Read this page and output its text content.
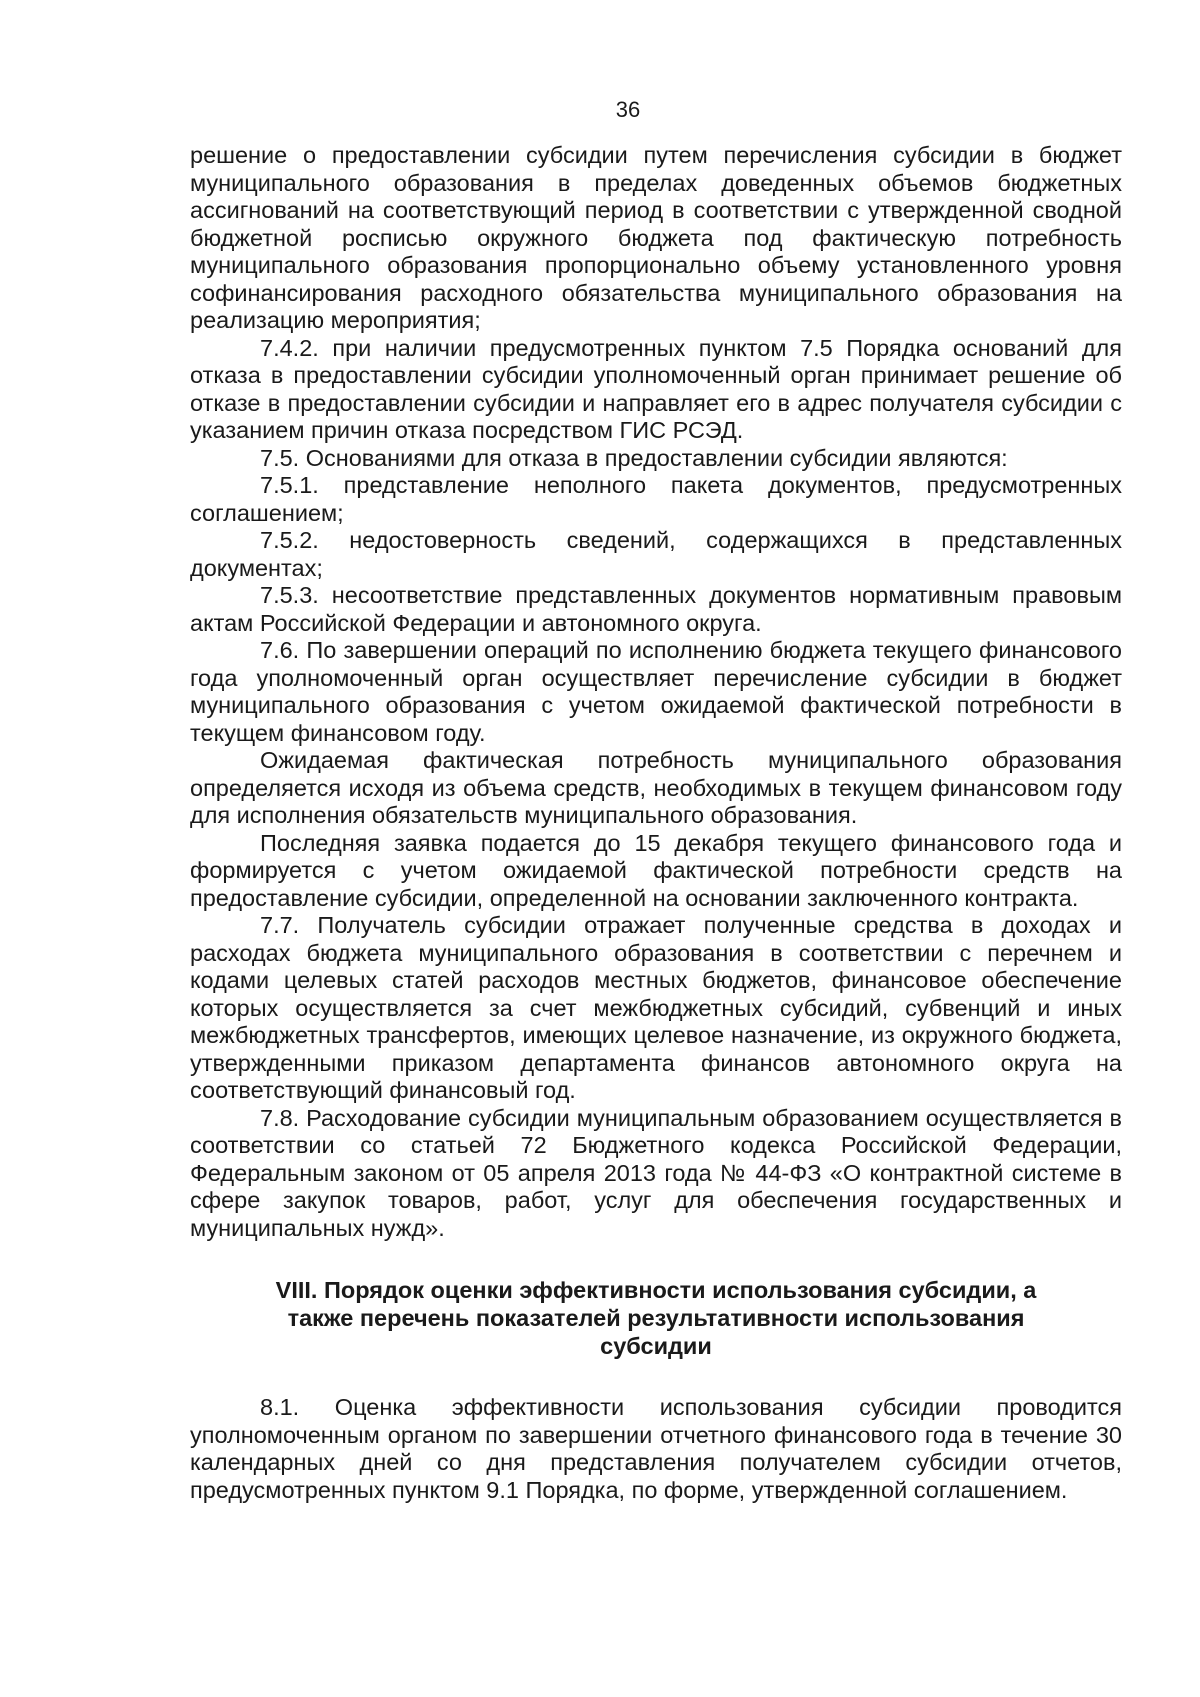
36

решение о предоставлении субсидии путем перечисления субсидии в бюджет муниципального образования в пределах доведенных объемов бюджетных ассигнований на соответствующий период в соответствии с утвержденной сводной бюджетной росписью окружного бюджета под фактическую потребность муниципального образования пропорционально объему установленного уровня софинансирования расходного обязательства муниципального образования на реализацию мероприятия;

7.4.2. при наличии предусмотренных пунктом 7.5 Порядка оснований для отказа в предоставлении субсидии уполномоченный орган принимает решение об отказе в предоставлении субсидии и направляет его в адрес получателя субсидии с указанием причин отказа посредством ГИС РСЭД.

7.5. Основаниями для отказа в предоставлении субсидии являются:

7.5.1. представление неполного пакета документов, предусмотренных соглашением;

7.5.2. недостоверность сведений, содержащихся в представленных документах;

7.5.3. несоответствие представленных документов нормативным правовым актам Российской Федерации и автономного округа.

7.6. По завершении операций по исполнению бюджета текущего финансового года уполномоченный орган осуществляет перечисление субсидии в бюджет муниципального образования с учетом ожидаемой фактической потребности в текущем финансовом году.

Ожидаемая фактическая потребность муниципального образования определяется исходя из объема средств, необходимых в текущем финансовом году для исполнения обязательств муниципального образования.

Последняя заявка подается до 15 декабря текущего финансового года и формируется с учетом ожидаемой фактической потребности средств на предоставление субсидии, определенной на основании заключенного контракта.

7.7. Получатель субсидии отражает полученные средства в доходах и расходах бюджета муниципального образования в соответствии с перечнем и кодами целевых статей расходов местных бюджетов, финансовое обеспечение которых осуществляется за счет межбюджетных субсидий, субвенций и иных межбюджетных трансфертов, имеющих целевое назначение, из окружного бюджета, утвержденными приказом департамента финансов автономного округа на соответствующий финансовый год.

7.8. Расходование субсидии муниципальным образованием осуществляется в соответствии со статьей 72 Бюджетного кодекса Российской Федерации, Федеральным законом от 05 апреля 2013 года № 44-ФЗ «О контрактной системе в сфере закупок товаров, работ, услуг для обеспечения государственных и муниципальных нужд».

VIII. Порядок оценки эффективности использования субсидии, а также перечень показателей результативности использования субсидии

8.1. Оценка эффективности использования субсидии проводится уполномоченным органом по завершении отчетного финансового года в течение 30 календарных дней со дня представления получателем субсидии отчетов, предусмотренных пунктом 9.1 Порядка, по форме, утвержденной соглашением.
